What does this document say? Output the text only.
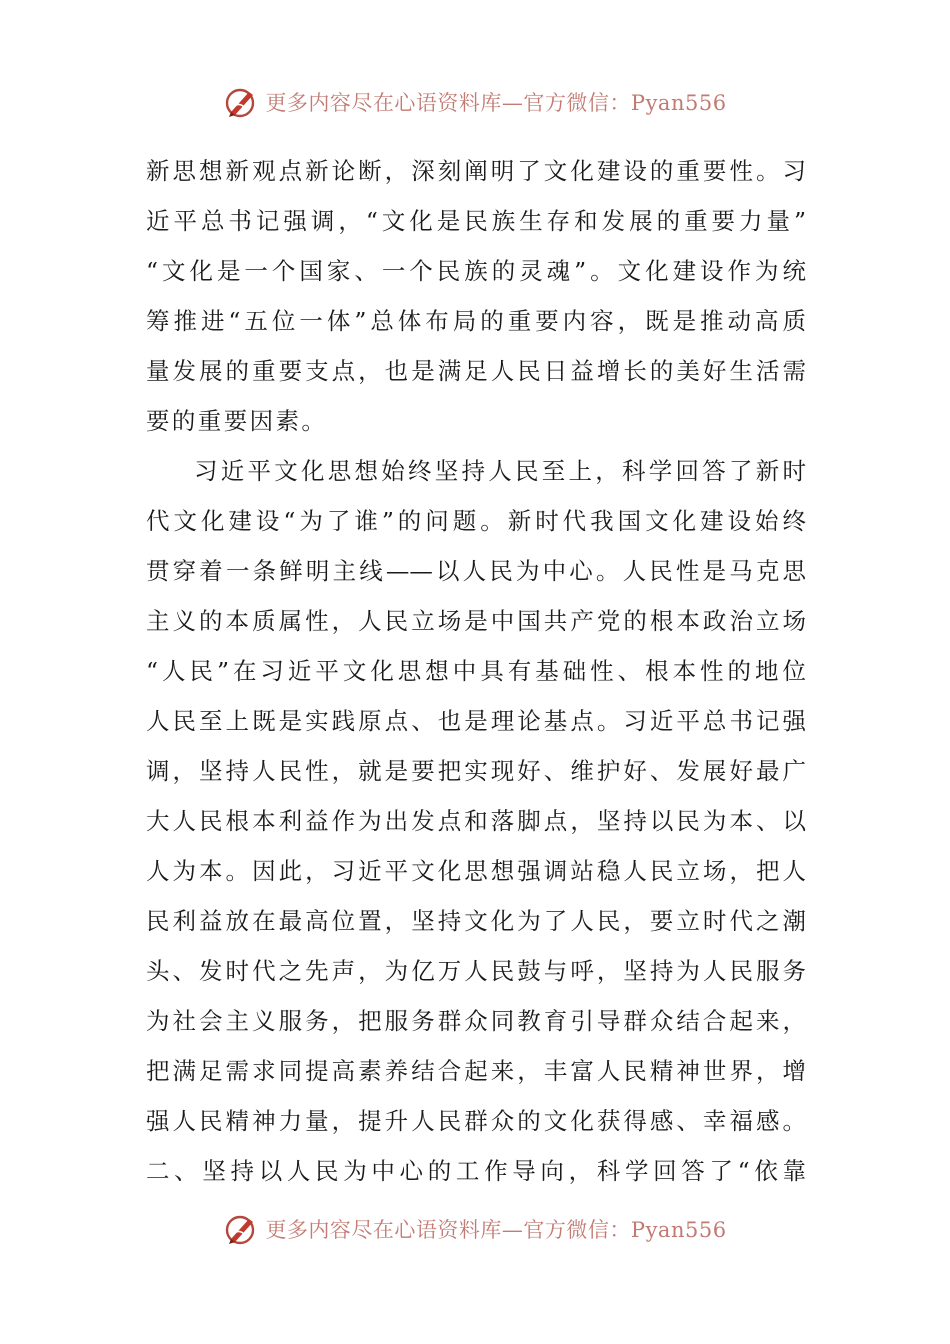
更多内容尽在心语资料库—官方微信：Pyan556
新思想新观点新论断，深刻阐明了文化建设的重要性。习
近平总书记强调，“文化是民族生存和发展的重要力量”
“文化是一个国家、一个民族的灵魂”。文化建设作为统
筹推进“五位一体”总体布局的重要内容，既是推动高质
量发展的重要支点，也是满足人民日益增长的美好生活需
要的重要因素。
习近平文化思想始终坚持人民至上，科学回答了新时
代文化建设“为了谁”的问题。新时代我国文化建设始终
贯穿着一条鲜明主线——以人民为中心。人民性是马克思
主义的本质属性，人民立场是中国共产党的根本政治立场
“人民”在习近平文化思想中具有基础性、根本性的地位
人民至上既是实践原点、也是理论基点。习近平总书记强
调，坚持人民性，就是要把实现好、维护好、发展好最广
大人民根本利益作为出发点和落脚点，坚持以民为本、以
人为本。因此，习近平文化思想强调站稳人民立场，把人
民利益放在最高位置，坚持文化为了人民，要立时代之潮
头、发时代之先声，为亿万人民鼓与呼，坚持为人民服务
为社会主义服务，把服务群众同教育引导群众结合起来，
把满足需求同提高素养结合起来，丰富人民精神世界，增
强人民精神力量，提升人民群众的文化获得感、幸福感。
二、坚持以人民为中心的工作导向，科学回答了“依靠
更多内容尽在心语资料库—官方微信：Pyan556
